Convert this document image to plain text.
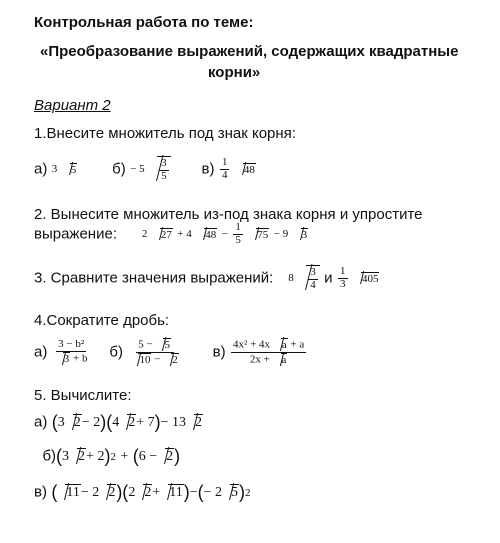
Контрольная работа по теме:
«Преобразование выражений, содержащих квадратные
корни»
Вариант 2
1.Внесите множитель под знак корня:
а) 3 5 $б) - 5 \frac{3}{5} в) \frac{1}{4} 48$
2. Вынесите множитель из-под знака корня и упростите
выражение: 2 27 + 4 $48 - \frac{1}{5} 75 - 9$ 3
3. Сравните значения выражений: $8 \frac{3}{4}$ и $\frac{1}{3} 405$
4.Сократите дробь:
$а) \frac{\text{3 − b²}}{3 + b} б) \frac{5 - 5}{10 - 2} в) \frac{\text{4x² + 4x a + a}}{2x + a}$
5. Вычислите:
а) (3 2− 2)(4 2+ 7)− 13 2
б)(3 2+ 2)2 + (6 − 2)
в) ( 11− 2 2)(2 2+ 11)−(− 2 5)2
